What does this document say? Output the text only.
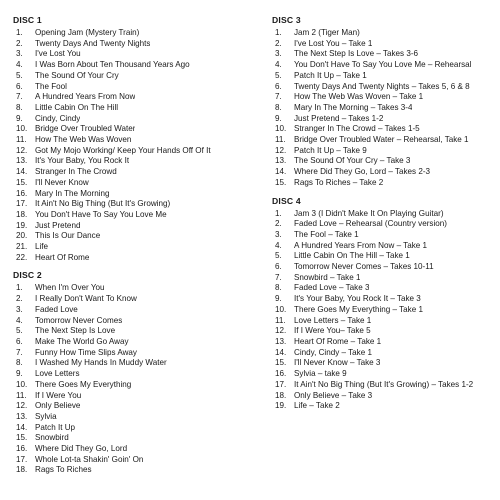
DISC 1
1.	Opening Jam (Mystery Train)
2.	Twenty Days And Twenty Nights
3.	I've Lost You
4.	I Was Born About Ten Thousand Years Ago
5.	The Sound Of Your Cry
6.	The Fool
7.	A Hundred Years From Now
8.	Little Cabin On The Hill
9.	Cindy, Cindy
10. Bridge Over Troubled Water
11.	How The Web Was Woven
12. Got My Mojo Working/ Keep Your Hands Off Of It
13. It's Your Baby, You Rock It
14. Stranger In The Crowd
15. I'll Never Know
16. Mary In The Morning
17. It Ain't No Big Thing (But It's Growing)
18. You Don't Have To Say You Love Me
19. Just Pretend
20. This Is Our Dance
21. Life
22. Heart Of Rome
DISC 2
1.	When I'm Over You
2.	I Really Don't Want To Know
3.	Faded Love
4.	Tomorrow Never Comes
5.	The Next Step Is Love
6.	Make The World Go Away
7.	Funny How Time Slips Away
8.	I Washed My Hands In Muddy Water
9.	Love Letters
10. There Goes My Everything
11.	If I Were You
12. Only Believe
13. Sylvia
14. Patch It Up
15. Snowbird
16. Where Did They Go, Lord
17. Whole Lot-ta Shakin' Goin' On
18. Rags To Riches
DISC 3
1.	Jam 2 (Tiger Man)
2.	I've Lost You – Take 1
3.	The Next Step Is Love – Takes 3-6
4.	You Don't Have To Say You Love Me – Rehearsal
5.	Patch It Up – Take 1
6.	Twenty Days And Twenty Nights – Takes 5, 6 & 8
7.	How The Web Was Woven – Take 1
8.	Mary In The Morning – Takes 3-4
9.	Just Pretend – Takes 1-2
10. Stranger In The Crowd – Takes 1-5
11.	Bridge Over Troubled Water – Rehearsal, Take 1
12. Patch It Up – Take 9
13. The Sound Of Your Cry – Take 3
14. Where Did They Go, Lord – Takes 2-3
15. Rags To Riches – Take 2
DISC 4
1.	Jam 3 (I Didn't Make It On Playing Guitar)
2.	Faded Love – Rehearsal (Country version)
3.	The Fool – Take 1
4.	A Hundred Years From Now – Take 1
5.	Little Cabin On The Hill – Take 1
6.	Tomorrow Never Comes – Takes 10-11
7.	Snowbird – Take 1
8.	Faded Love – Take 3
9.	It's Your Baby, You Rock It – Take 3
10. There Goes My Everything – Take 1
11.	Love Letters – Take 1
12. If I Were You– Take 5
13. Heart Of Rome – Take 1
14. Cindy, Cindy – Take 1
15. I'll Never Know – Take 3
16. Sylvia – take 9
17. It Ain't No Big Thing (But It's Growing) – Takes 1-2
18. Only Believe – Take 3
19. Life – Take 2
